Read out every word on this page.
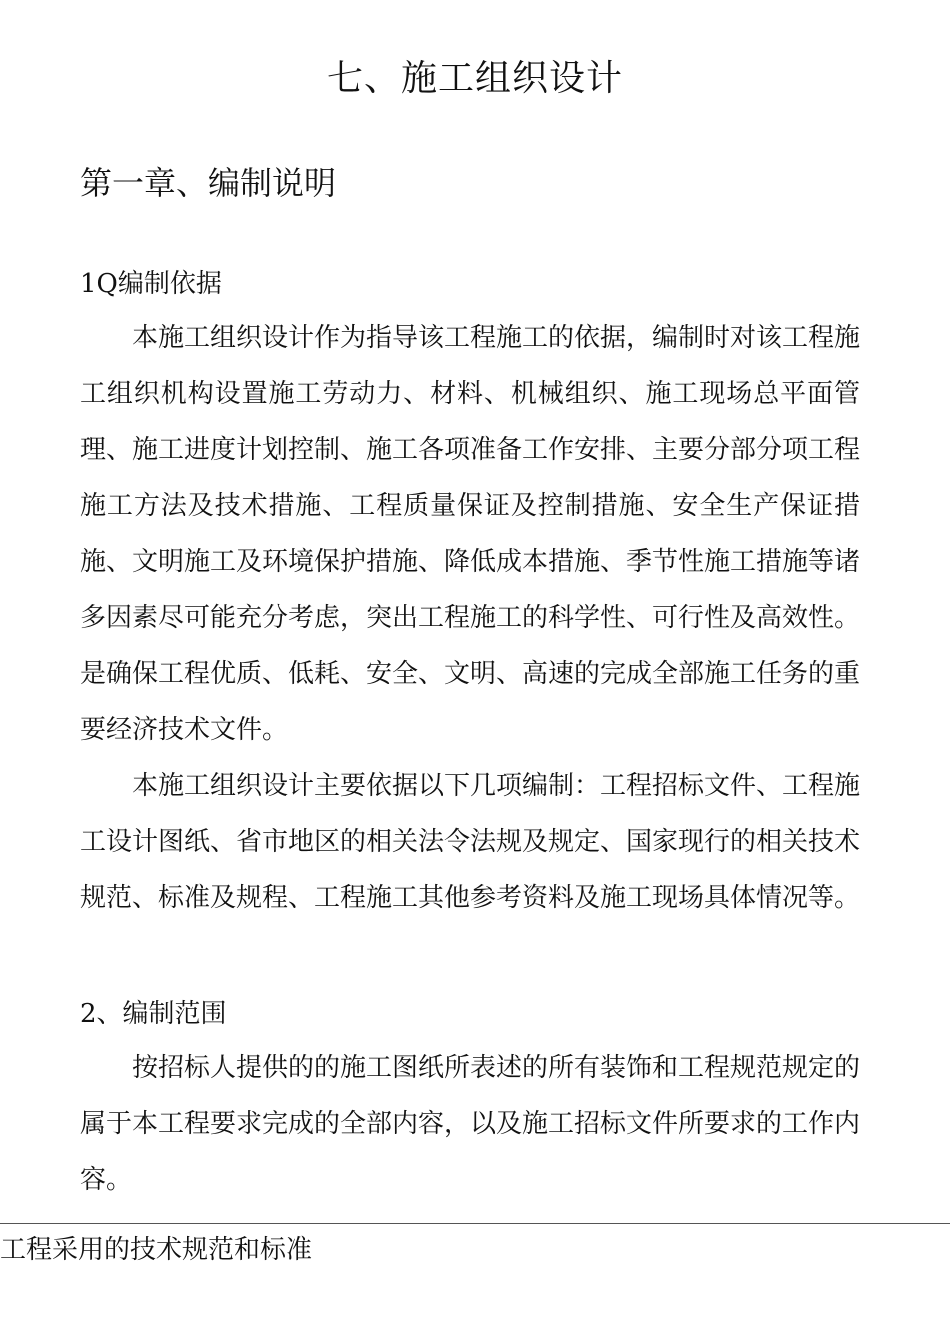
七、施工组织设计
第一章、编制说明
1Q编制依据

本施工组织设计作为指导该工程施工的依据，编制时对该工程施工组织机构设置施工劳动力、材料、机械组织、施工现场总平面管理、施工进度计划控制、施工各项准备工作安排、主要分部分项工程施工方法及技术措施、工程质量保证及控制措施、安全生产保证措施、文明施工及环境保护措施、降低成本措施、季节性施工措施等诸多因素尽可能充分考虑，突出工程施工的科学性、可行性及高效性。是确保工程优质、低耗、安全、文明、高速的完成全部施工任务的重要经济技术文件。

本施工组织设计主要依据以下几项编制：工程招标文件、工程施工设计图纸、省市地区的相关法令法规及规定、国家现行的相关技术规范、标准及规程、工程施工其他参考资料及施工现场具体情况等。

2、编制范围

按招标人提供的的施工图纸所表述的所有装饰和工程规范规定的属于本工程要求完成的全部内容，以及施工招标文件所要求的工作内容。

工程采用的技术规范和标准
